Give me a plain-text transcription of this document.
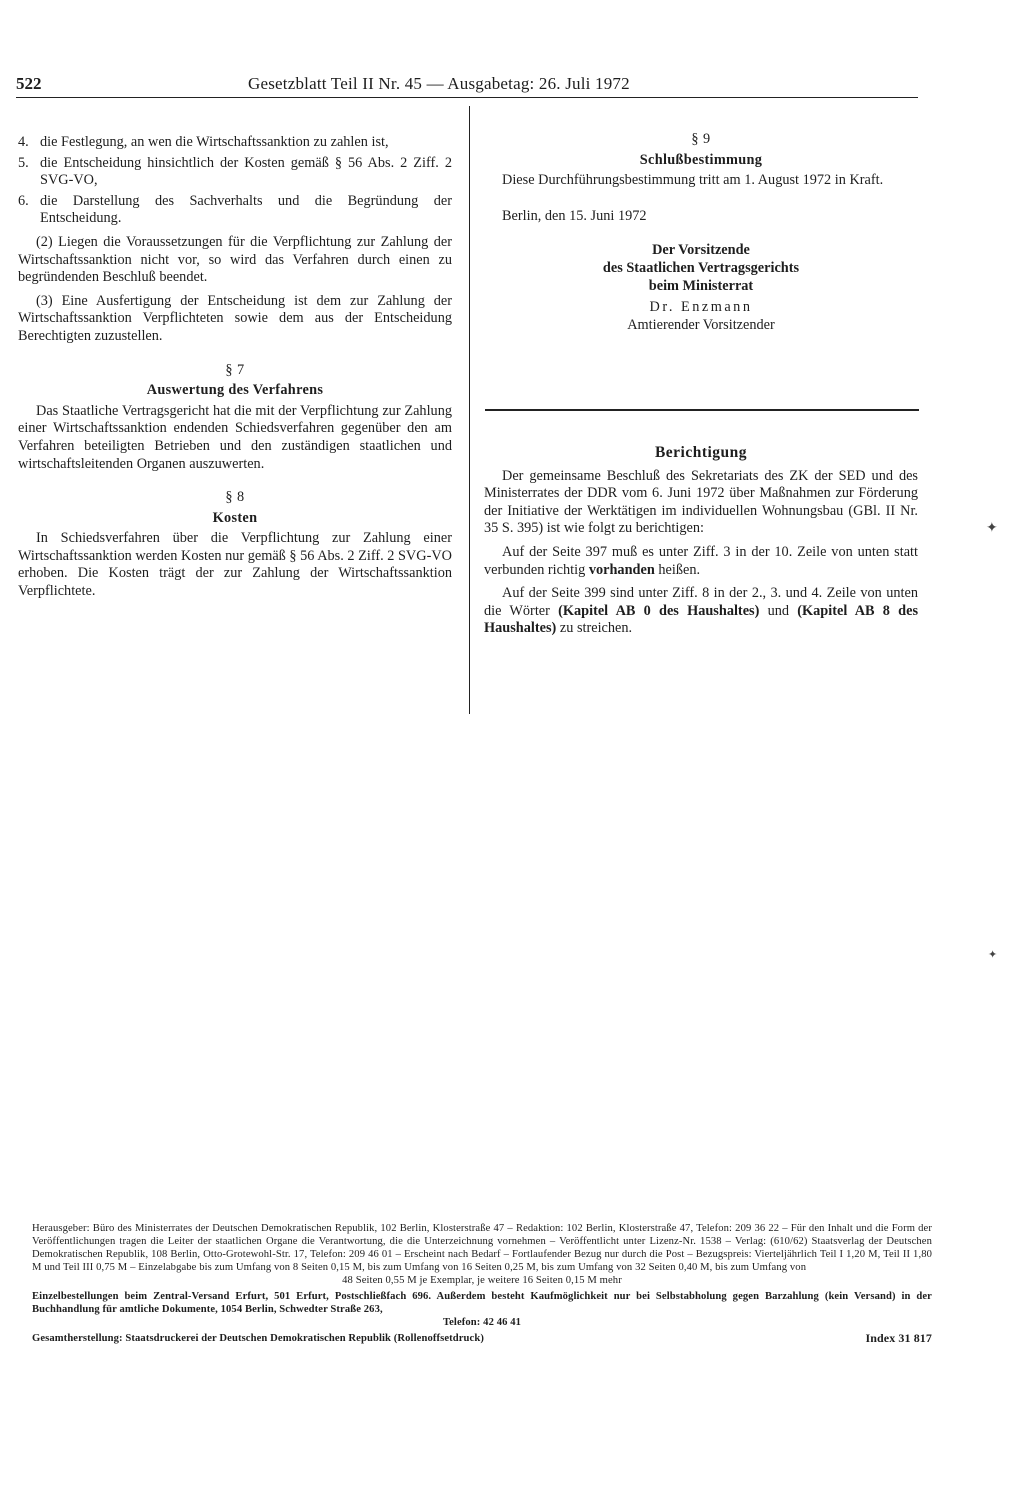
522	Gesetzblatt Teil II Nr. 45 — Ausgabetag: 26. Juli 1972
4. die Festlegung, an wen die Wirtschaftssanktion zu zahlen ist,
5. die Entscheidung hinsichtlich der Kosten gemäß § 56 Abs. 2 Ziff. 2 SVG-VO,
6. die Darstellung des Sachverhalts und die Begründung der Entscheidung.

(2) Liegen die Voraussetzungen für die Verpflichtung zur Zahlung der Wirtschaftssanktion nicht vor, so wird das Verfahren durch einen zu begründenden Beschluß beendet.

(3) Eine Ausfertigung der Entscheidung ist dem zur Zahlung der Wirtschaftssanktion Verpflichteten sowie dem aus der Entscheidung Berechtigten zuzustellen.

§ 7
Auswertung des Verfahrens

Das Staatliche Vertragsgericht hat die mit der Verpflichtung zur Zahlung einer Wirtschaftssanktion endenden Schiedsverfahren gegenüber den am Verfahren beteiligten Betrieben und den zuständigen staatlichen und wirtschaftsleitenden Organen auszuwerten.

§ 8
Kosten

In Schiedsverfahren über die Verpflichtung zur Zahlung einer Wirtschaftssanktion werden Kosten nur gemäß § 56 Abs. 2 Ziff. 2 SVG-VO erhoben. Die Kosten trägt der zur Zahlung der Wirtschaftssanktion Verpflichtete.

§ 9
Schlußbestimmung

Diese Durchführungsbestimmung tritt am 1. August 1972 in Kraft.

Berlin, den 15. Juni 1972

Der Vorsitzende
des Staatlichen Vertragsgerichts
beim Ministerrat
Dr. Enzmann
Amtierender Vorsitzender
Berichtigung

Der gemeinsame Beschluß des Sekretariats des ZK der SED und des Ministerrates der DDR vom 6. Juni 1972 über Maßnahmen zur Förderung der Initiative der Werktätigen im individuellen Wohnungsbau (GBl. II Nr. 35 S. 395) ist wie folgt zu berichtigen:

Auf der Seite 397 muß es unter Ziff. 3 in der 10. Zeile von unten statt verbunden richtig vorhanden heißen.

Auf der Seite 399 sind unter Ziff. 8 in der 2., 3. und 4. Zeile von unten die Wörter (Kapitel AB 0 des Haushaltes) und (Kapitel AB 8 des Haushaltes) zu streichen.

✦
✦
Herausgeber: Büro des Ministerrates der Deutschen Demokratischen Republik, 102 Berlin, Klosterstraße 47 – Redaktion: 102 Berlin, Klosterstraße 47, Telefon: 209 36 22 – Für den Inhalt und die Form der Veröffentlichungen tragen die Leiter der staatlichen Organe die Verantwortung, die die Unterzeichnung vornehmen – Veröffentlicht unter Lizenz-Nr. 1538 – Verlag: (610/62) Staatsverlag der Deutschen Demokratischen Republik, 108 Berlin, Otto-Grotewohl-Str. 17, Telefon: 209 46 01 – Erscheint nach Bedarf – Fortlaufender Bezug nur durch die Post – Bezugspreis: Vierteljährlich Teil I 1,20 M, Teil II 1,80 M und Teil III 0,75 M – Einzelabgabe bis zum Umfang von 8 Seiten 0,15 M, bis zum Umfang von 16 Seiten 0,25 M, bis zum Umfang von 32 Seiten 0,40 M, bis zum Umfang von
48 Seiten 0,55 M je Exemplar, je weitere 16 Seiten 0,15 M mehr
Einzelbestellungen beim Zentral-Versand Erfurt, 501 Erfurt, Postschließfach 696. Außerdem besteht Kaufmöglichkeit nur bei Selbstabholung gegen Barzahlung (kein Versand) in der Buchhandlung für amtliche Dokumente, 1054 Berlin, Schwedter Straße 263,
Telefon: 42 46 41
Gesamtherstellung: Staatsdruckerei der Deutschen Demokratischen Republik (Rollenoffsetdruck)	Index 31 817
